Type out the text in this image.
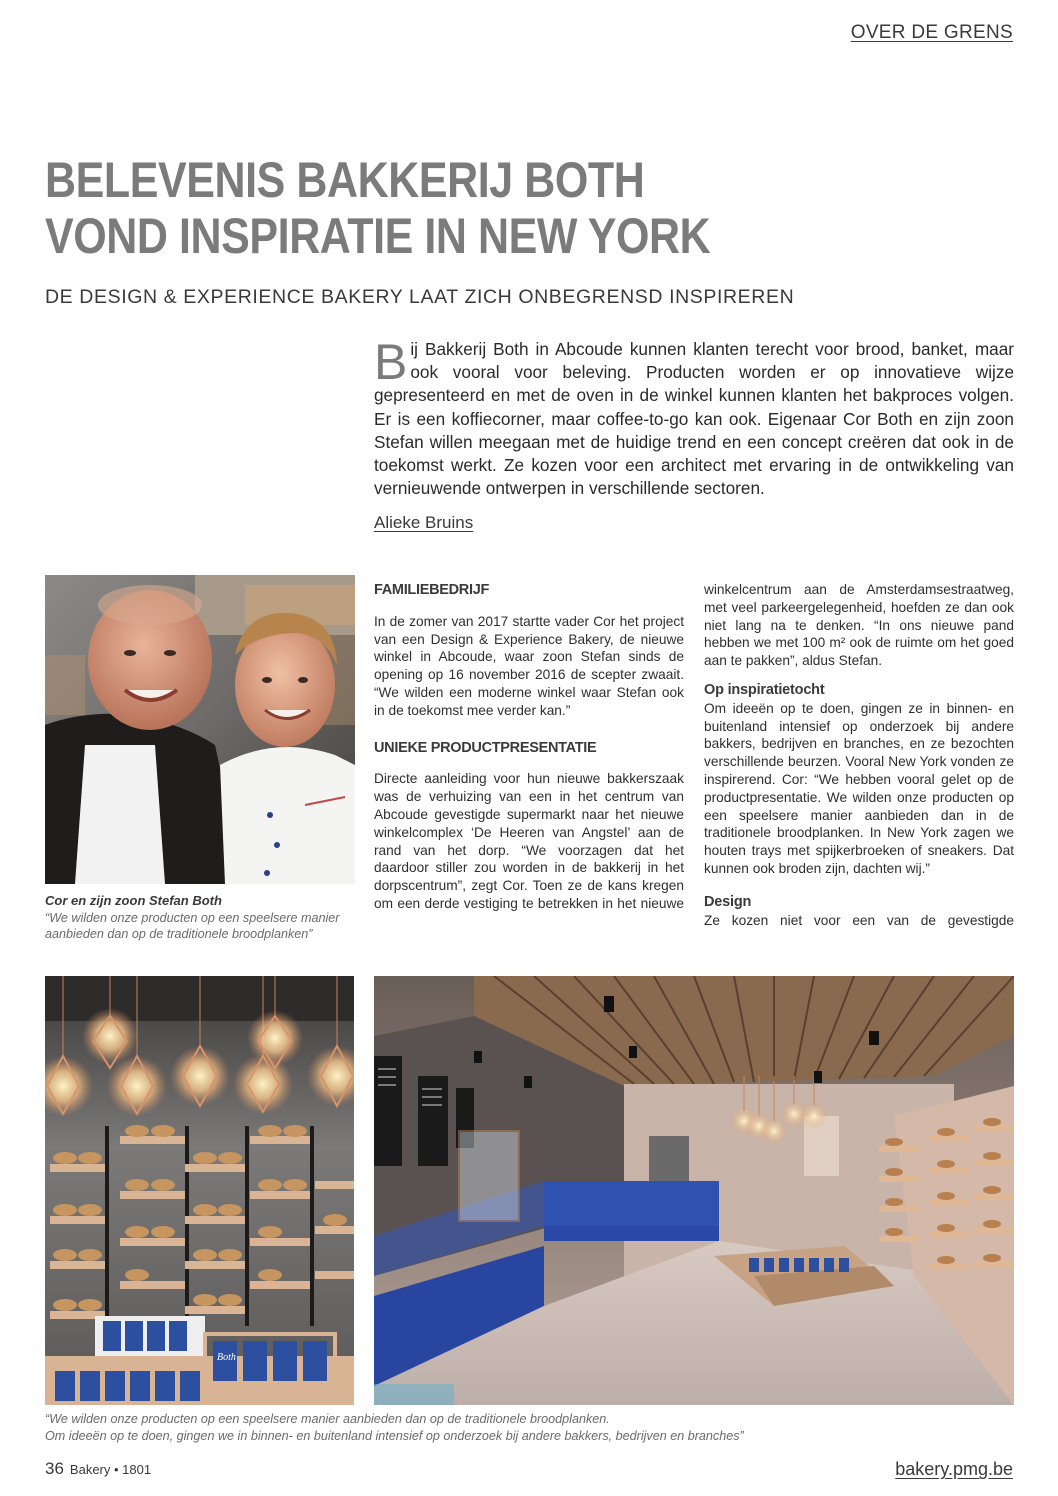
OVER DE GRENS
BELEVENIS BAKKERIJ BOTH
VOND INSPIRATIE IN NEW YORK
DE DESIGN & EXPERIENCE BAKERY LAAT ZICH ONBEGRENSD INSPIREREN
Bij Bakkerij Both in Abcoude kunnen klanten terecht voor brood, banket, maar ook vooral voor beleving. Producten worden er op innovatieve wijze gepresenteerd en met de oven in de winkel kunnen klanten het bakproces volgen. Er is een koffiecorner, maar coffee-to-go kan ook. Eigenaar Cor Both en zijn zoon Stefan willen meegaan met de huidige trend en een concept creëren dat ook in de toekomst werkt. Ze kozen voor een architect met ervaring in de ontwikkeling van vernieuwende ontwerpen in verschillende sectoren.
Alieke Bruins
Cor en zijn zoon Stefan Both
“We wilden onze producten op een speelsere manier aanbieden dan op de traditionele broodplanken”
FAMILIEBEDRIJF

In de zomer van 2017 startte vader Cor het project van een Design & Experience Bakery, de nieuwe winkel in Abcoude, waar zoon Stefan sinds de opening op 16 november 2016 de scepter zwaait. “We wilden een moderne winkel waar Stefan ook in de toekomst mee verder kan.”

UNIEKE PRODUCTPRESENTATIE

Directe aanleiding voor hun nieuwe bakkerszaak was de verhuizing van een in het centrum van Abcoude gevestigde supermarkt naar het nieuwe winkelcomplex ‘De Heeren van Angstel’ aan de rand van het dorp. “We voorzagen dat het daardoor stiller zou worden in de bakkerij in het dorpscentrum”, zegt Cor. Toen ze de kans kregen om een derde vestiging te betrekken in het nieuwe

winkelcentrum aan de Amsterdamsestraatweg, met veel parkeergelegenheid, hoefden ze dan ook niet lang na te denken. “In ons nieuwe pand hebben we met 100 m² ook de ruimte om het goed aan te pakken”, aldus Stefan.

Op inspiratietocht

Om ideeën op te doen, gingen ze in binnen- en buitenland intensief op onderzoek bij andere bakkers, bedrijven en branches, en ze bezochten verschillende beurzen. Vooral New York vonden ze inspirerend. Cor: “We hebben vooral gelet op de productpresentatie. We wilden onze producten op een speelsere manier aanbieden dan in de traditionele broodplanken. In New York zagen we houten trays met spijkerbroeken of sneakers. Dat kunnen ook broden zijn, dachten wij.”

Design

Ze kozen niet voor een van de gevestigde

Both
“We wilden onze producten op een speelsere manier aanbieden dan op de traditionele broodplanken.
Om ideeën op te doen, gingen we in binnen- en buitenland intensief op onderzoek bij andere bakkers, bedrijven en branches”
36 Bakery • 1801	bakery.pmg.be
